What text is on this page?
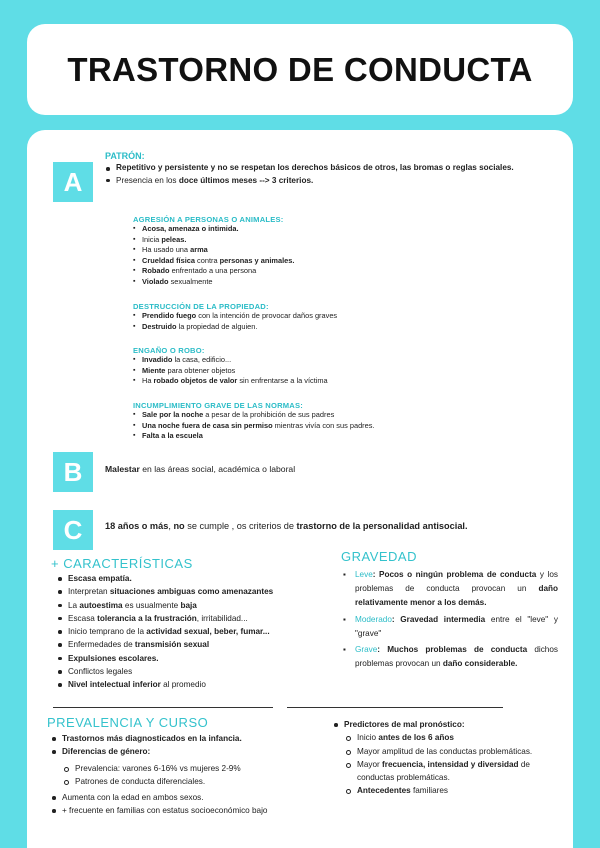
TRASTORNO DE CONDUCTA
A
PATRÓN:
Repetitivo y persistente y no se respetan los derechos básicos de otros, las bromas o reglas sociales.
Presencia en los doce últimos meses --> 3 criterios.
AGRESIÓN A PERSONAS O ANIMALES:
▪ Acosa, amenaza o intimida.
▪ Inicia peleas.
▪ Ha usado una arma
▪ Crueldad física contra personas y animales.
▪ Robado enfrentado a una persona
▪ Violado sexualmente
DESTRUCCIÓN DE LA PROPIEDAD:
▪ Prendido fuego con la intención de provocar daños graves
▪ Destruido la propiedad de alguien.
ENGAÑO O ROBO:
▪ Invadido la casa, edificio...
▪ Miente para obtener objetos
▪ Ha robado objetos de valor sin enfrentarse a la víctima
INCUMPLIMIENTO GRAVE DE LAS NORMAS:
▪ Sale por la noche a pesar de la prohibición de sus padres
▪ Una noche fuera de casa sin permiso mientras vivía con sus padres.
▪ Falta a la escuela
B	Malestar en las áreas social, académica o laboral
C 18 años o más, no se cumple , os criterios de trastorno de la personalidad antisocial.
+ CARACTERÍSTICAS
Escasa empatía.
Interpretan situaciones ambiguas como amenazantes
La autoestima es usualmente baja
Escasa tolerancia a la frustración, irritabilidad...
Inicio temprano de la actividad sexual, beber, fumar...
Enfermedades de transmisión sexual
Expulsiones escolares.
Conflictos legales
Nivel intelectual inferior al promedio
GRAVEDAD
▪ Leve: Pocos o ningún problema de conducta y los problemas de conducta provocan un daño relativamente menor a los demás.
▪ Moderado: Gravedad intermedia entre el "leve" y "grave"
▪ Grave: Muchos problemas de conducta dichos problemas provocan un daño considerable.
PREVALENCIA Y CURSO
Trastornos más diagnosticados en la infancia.
Diferencias de género:
Prevalencia: varones 6-16% vs mujeres 2-9%
Patrones de conducta diferenciales.
Aumenta con la edad en ambos sexos.
+ frecuente en familias con estatus socioeconómico bajo
Predictores de mal pronóstico:
Inicio antes de los 6 años
Mayor amplitud de las conductas problemáticas.
Mayor frecuencia, intensidad y diversidad de conductas problemáticas.
Antecedentes familiares
